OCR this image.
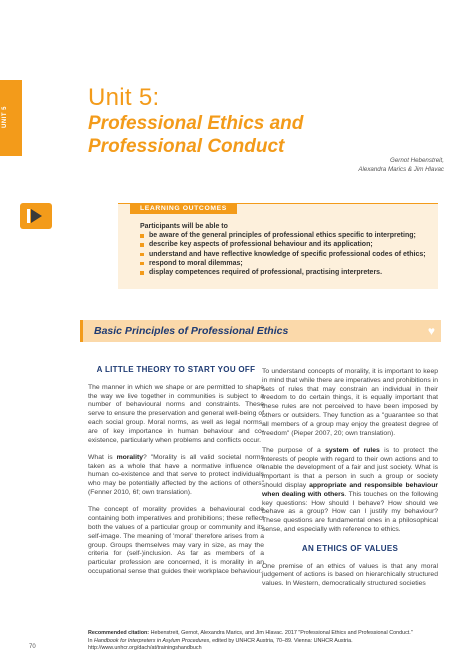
UNIT 5
Unit 5:
Professional Ethics and Professional Conduct
Gernot Hebenstreit,
Alexandra Marics & Jim Hlavac
LEARNING OUTCOMES
Participants will be able to
be aware of the general principles of professional ethics specific to interpreting;
describe key aspects of professional behaviour and its application;
understand and have reflective knowledge of specific professional codes of ethics;
respond to moral dilemmas;
display competences required of professional, practising interpreters.
Basic Principles of Professional Ethics	♥
A LITTLE THEORY TO START YOU OFF

The manner in which we shape or are permitted to shape the way we live together in communities is subject to a number of behavioural norms and constraints. These serve to ensure the preservation and general well-being of each social group. Moral norms, as well as legal norms, are of key importance in human behaviour and co-existence, particularly when problems and conflicts occur.

What is morality? "Morality is all valid societal norms taken as a whole that have a normative influence on human co-existence and that serve to protect individuals who may be potentially affected by the actions of others" (Fenner 2010, 6f; own translation).

The concept of morality provides a behavioural code containing both imperatives and prohibitions; these reflect both the values of a particular group or community and its self-image. The meaning of 'moral' therefore arises from a group. Groups themselves may vary in size, as may the criteria for (self-)inclusion. As far as members of a particular profession are concerned, it is morality in an occupational sense that guides their workplace behaviour.

To understand concepts of morality, it is important to keep in mind that while there are imperatives and prohibitions in sets of rules that may constrain an individual in their freedom to do certain things, it is equally important that these rules are not perceived to have been imposed by others or outsiders. They function as a "guarantee so that all members of a group may enjoy the greatest degree of freedom" (Pieper 2007, 20; own translation).

The purpose of a system of rules is to protect the interests of people with regard to their own actions and to enable the development of a fair and just society. What is important is that a person in such a group or society should display appropriate and responsible behaviour when dealing with others. This touches on the following key questions: How should I behave? How should we behave as a group? How can I justify my behaviour? These questions are fundamental ones in a philosophical sense, and especially with reference to ethics.

AN ETHICS OF VALUES

One premise of an ethics of values is that any moral judgement of actions is based on hierarchically structured values. In Western, democratically structured societies

Recommended citation: Hebenstreit, Gernot, Alexandra Marics, and Jim Hlavac. 2017 "Professional Ethics and Professional Conduct."
In Handbook for Interpreters in Asylum Procedures, edited by UNHCR Austria, 70–89. Vienna: UNHCR Austria.
http://www.unhcr.org/dach/at/trainingshandbuch
70
